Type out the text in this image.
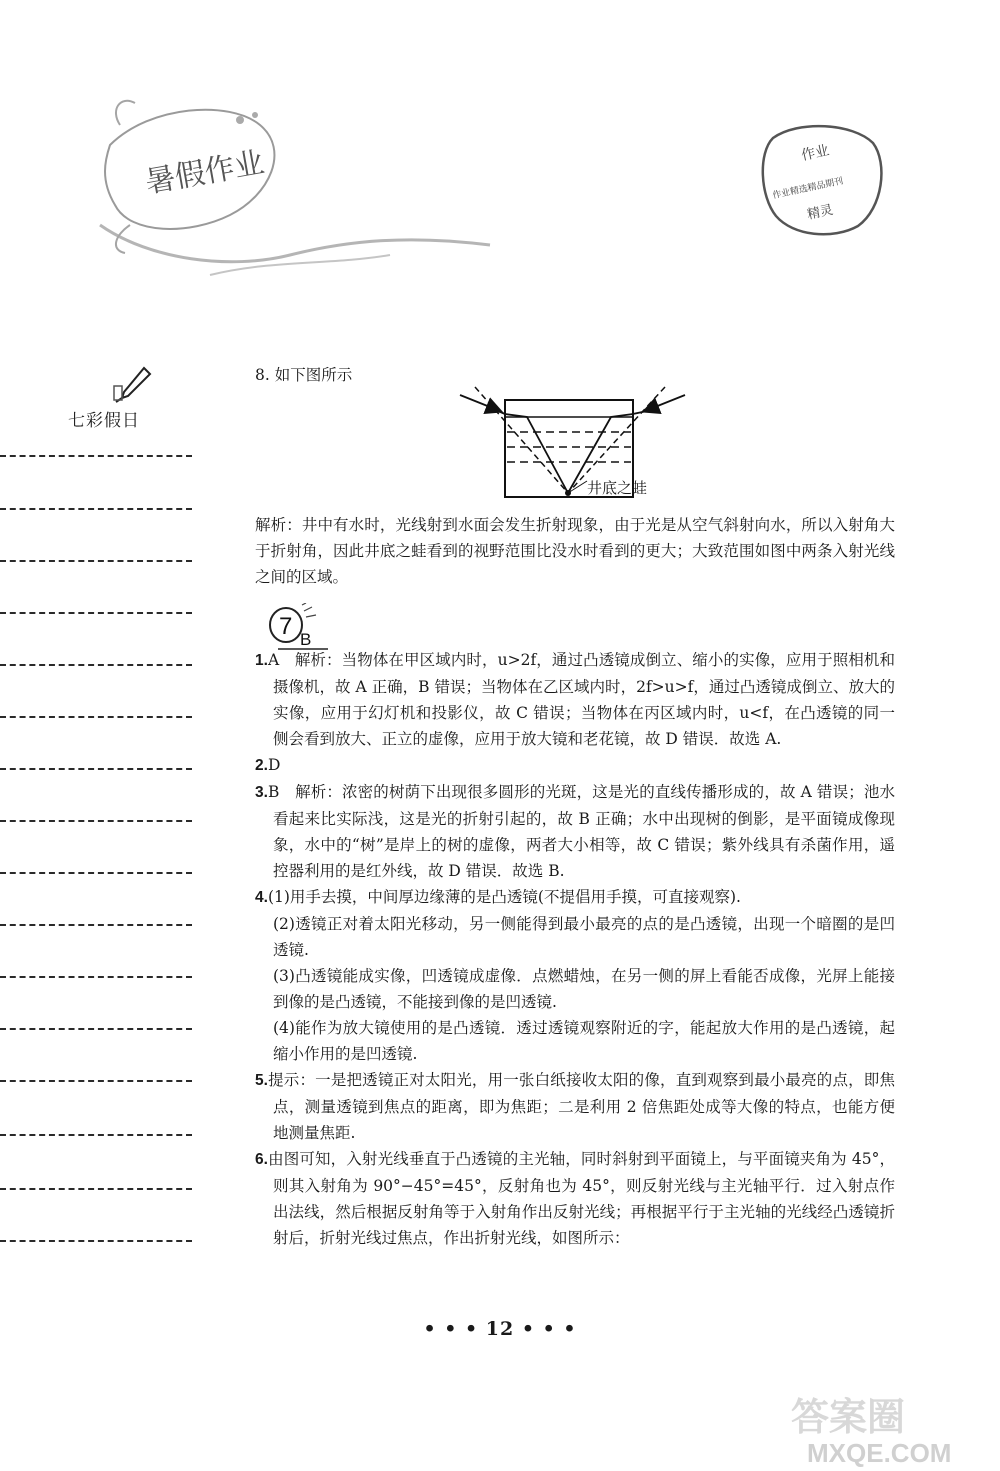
暑假作业	作业
作业精选精品期刊
精灵
七彩假日
8. 如下图所示
井底之蛙

解析：井中有水时，光线射到水面会发生折射现象，由于光是从空气斜射向水，所以入射角大于折射角，因此井底之蛙看到的视野范围比没水时看到的更大；大致范围如图中两条入射光线之间的区域。

7 B

1.A　解析：当物体在甲区域内时，u>2f，通过凸透镜成倒立、缩小的实像，应用于照相机和摄像机，故 A 正确，B 错误；当物体在乙区域内时，2f>u>f，通过凸透镜成倒立、放大的实像，应用于幻灯机和投影仪，故 C 错误；当物体在丙区域内时，u<f，在凸透镜的同一侧会看到放大、正立的虚像，应用于放大镜和老花镜，故 D 错误．故选 A.

2.D

3.B　解析：浓密的树荫下出现很多圆形的光斑，这是光的直线传播形成的，故 A 错误；池水看起来比实际浅，这是光的折射引起的，故 B 正确；水中出现树的倒影，是平面镜成像现象，水中的“树”是岸上的树的虚像，两者大小相等，故 C 错误；紫外线具有杀菌作用，遥控器利用的是红外线，故 D 错误．故选 B.

4.(1)用手去摸，中间厚边缘薄的是凸透镜(不提倡用手摸，可直接观察).

(2)透镜正对着太阳光移动，另一侧能得到最小最亮的点的是凸透镜，出现一个暗圈的是凹透镜.

(3)凸透镜能成实像，凹透镜成虚像．点燃蜡烛，在另一侧的屏上看能否成像，光屏上能接到像的是凸透镜，不能接到像的是凹透镜.

(4)能作为放大镜使用的是凸透镜．透过透镜观察附近的字，能起放大作用的是凸透镜，起缩小作用的是凹透镜.

5.提示：一是把透镜正对太阳光，用一张白纸接收太阳的像，直到观察到最小最亮的点，即焦点，测量透镜到焦点的距离，即为焦距；二是利用 2 倍焦距处成等大像的特点，也能方便地测量焦距.

6.由图可知，入射光线垂直于凸透镜的主光轴，同时斜射到平面镜上，与平面镜夹角为 45°，则其入射角为 90°−45°=45°，反射角也为 45°，则反射光线与主光轴平行．过入射点作出法线，然后根据反射角等于入射角作出反射光线；再根据平行于主光轴的光线经凸透镜折射后，折射光线过焦点，作出折射光线，如图所示：

• • • 12 • • •
答案圈
MXQE.COM
